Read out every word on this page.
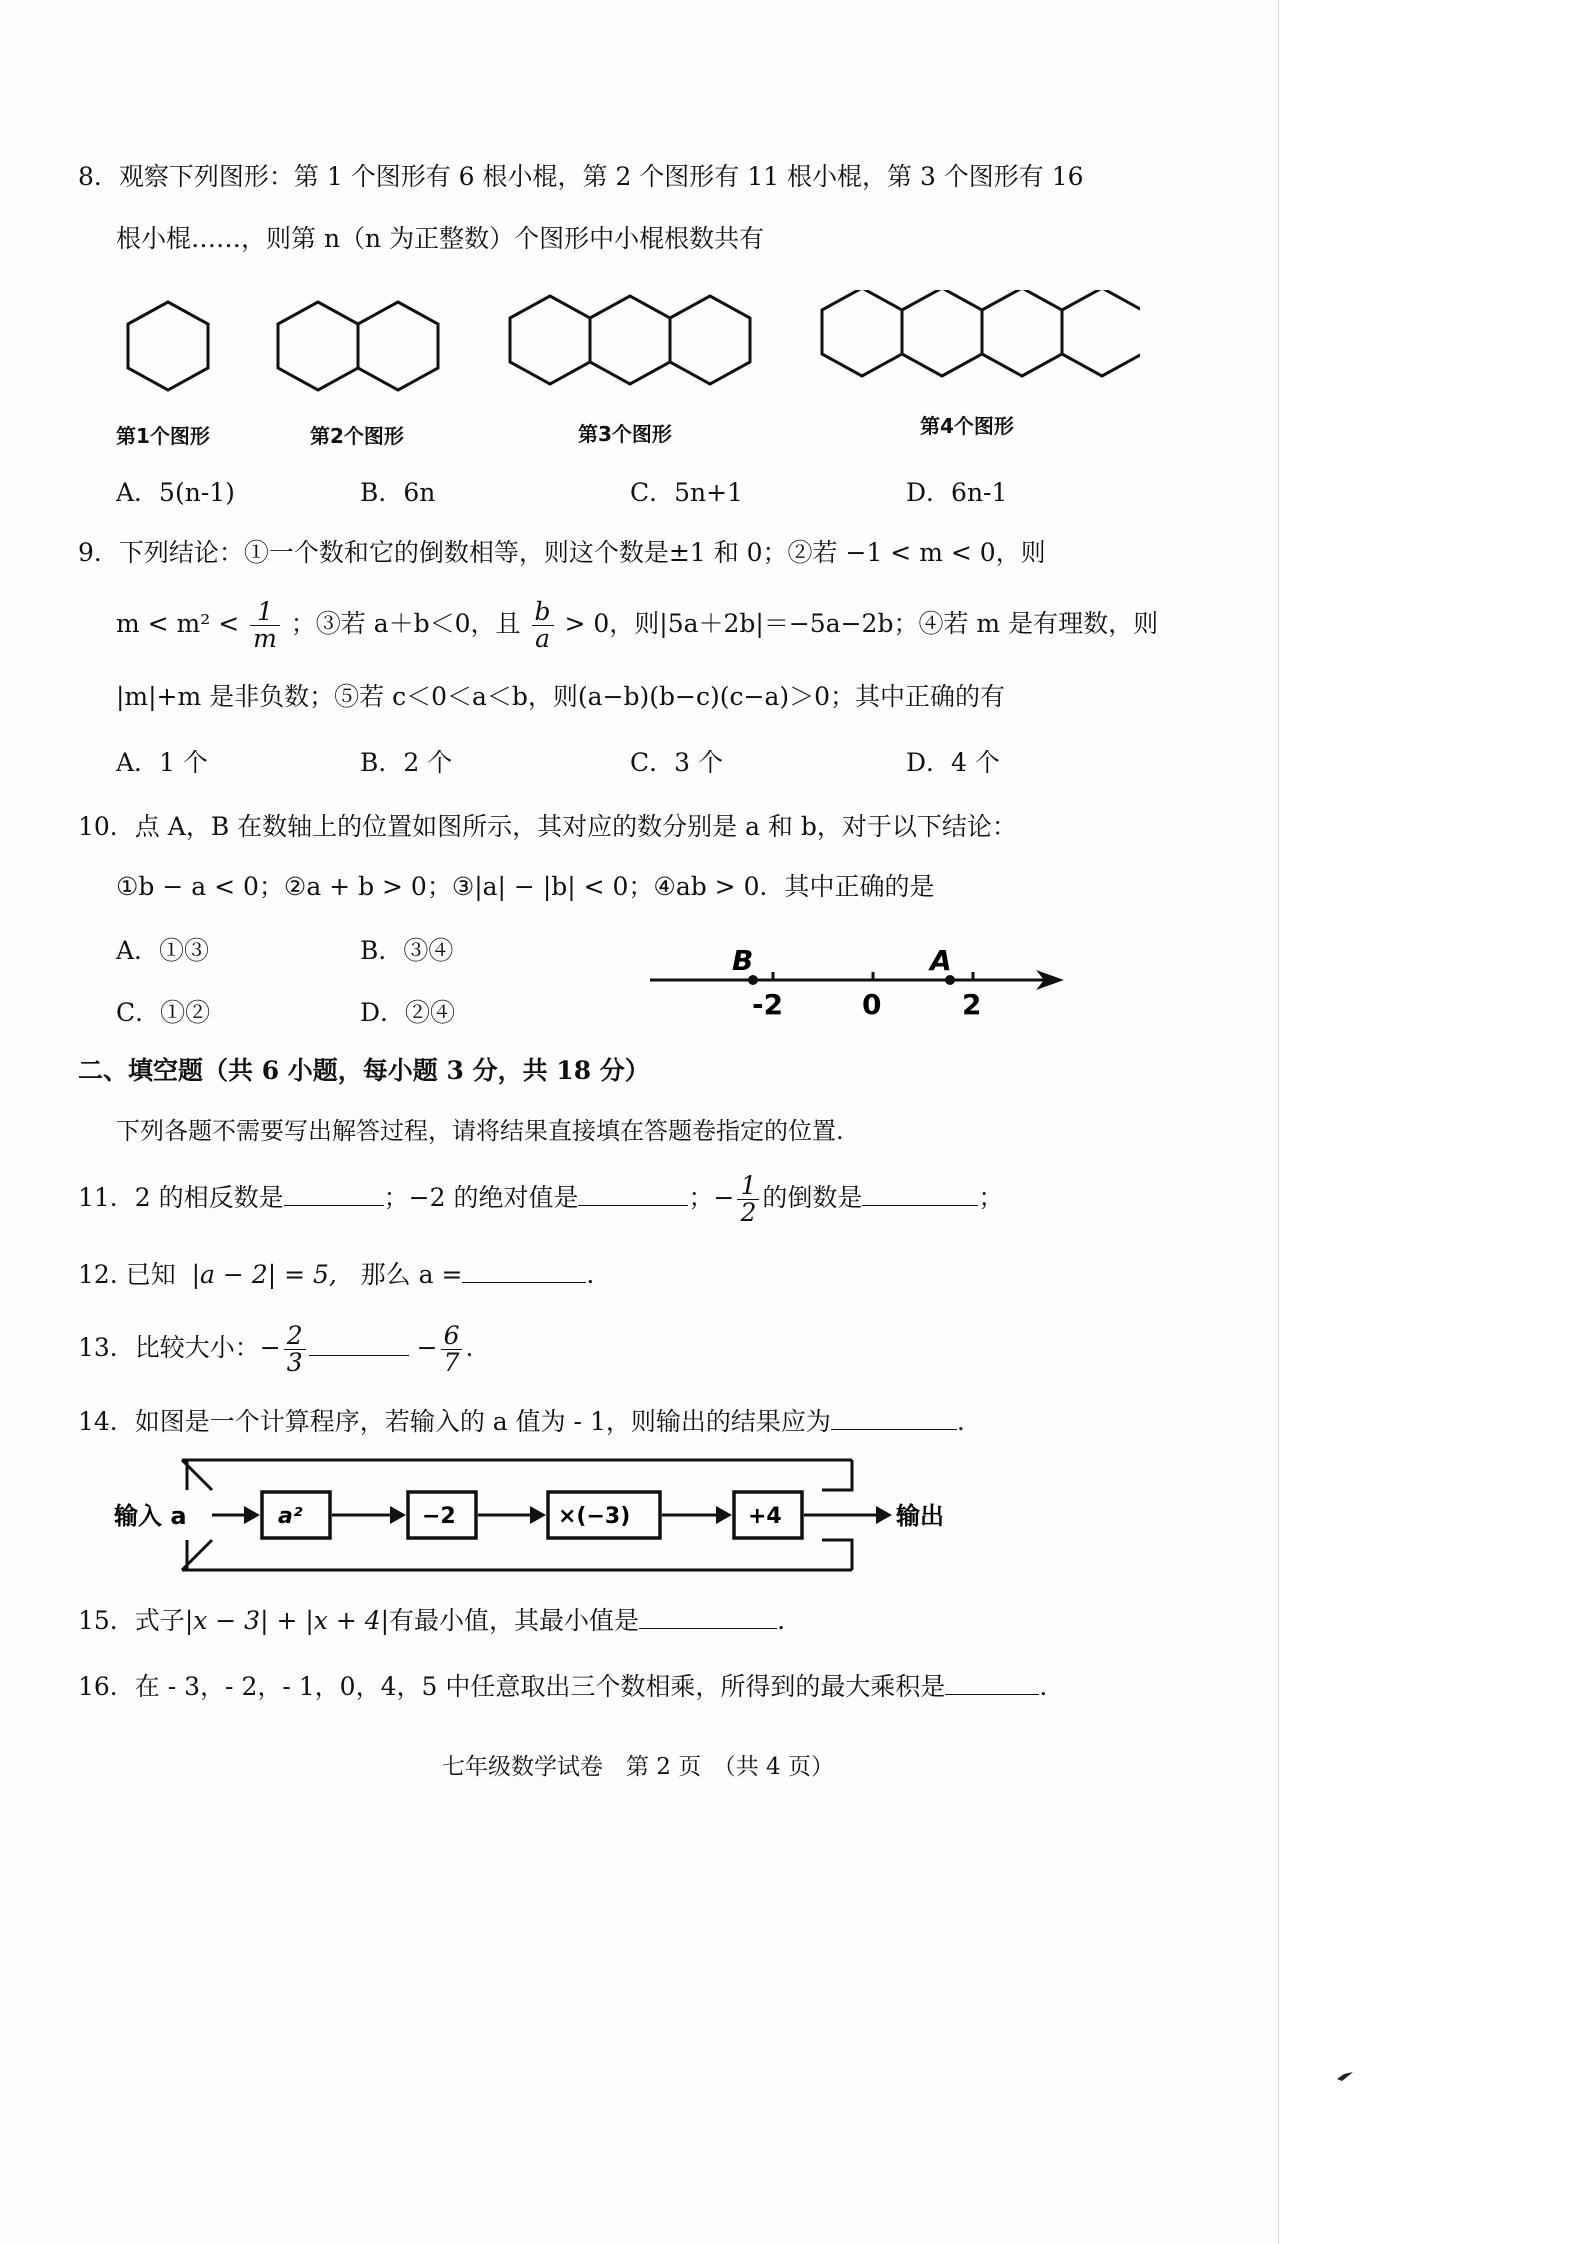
8．观察下列图形：第 1 个图形有 6 根小棍，第 2 个图形有 11 根小棍，第 3 个图形有 16
根小棍……，则第 n（n 为正整数）个图形中小棍根数共有
第1个图形	第2个图形	第3个图形	第4个图形
A．5(n-1)	B．6n	C．5n+1	D．6n-1
9．下列结论：①一个数和它的倒数相等，则这个数是±1 和 0；②若 −1 < m < 0，则
$m < m^2 < \frac{1}{m}$ ；③若 a＋b＜0，且 $\frac{b}{a} > 0$，则|5a＋2b|＝−5a−2b；④若 m 是有理数，则
|m|+m 是非负数；⑤若 c＜0＜a＜b，则(a−b)(b−c)(c−a)＞0；其中正确的有
A．1 个	B．2 个	C．3 个	D．4 个
10．点 A，B 在数轴上的位置如图所示，其对应的数分别是 a 和 b，对于以下结论：
①b − a < 0；②a + b > 0；③|a| − |b| < 0；④ab > 0．其中正确的是
A．①③	B．③④
C．①②	D．②④
B	A
-2	0	2
二、填空题（共 6 小题，每小题 3 分，共 18 分）
下列各题不需要写出解答过程，请将结果直接填在答题卷指定的位置.
11．2 的相反数是	；−2 的绝对值是	；− $\frac{1}{2}$ 的倒数是	；
12. 已知 |a − 2| = 5, 那么 a =	.
13．比较大小：− $\frac{2}{3}$	− $\frac{6}{7}$ .
14．如图是一个计算程序，若输入的 a 值为 - 1，则输出的结果应为	.
输入 a	a²	−2	×(−3)	+4	输出
15．式子|x − 3| + |x + 4|有最小值，其最小值是	.
16．在 - 3，- 2，- 1，0，4，5 中任意取出三个数相乘，所得到的最大乘积是	.
七年级数学试卷　第 2 页　（共 4 页）
